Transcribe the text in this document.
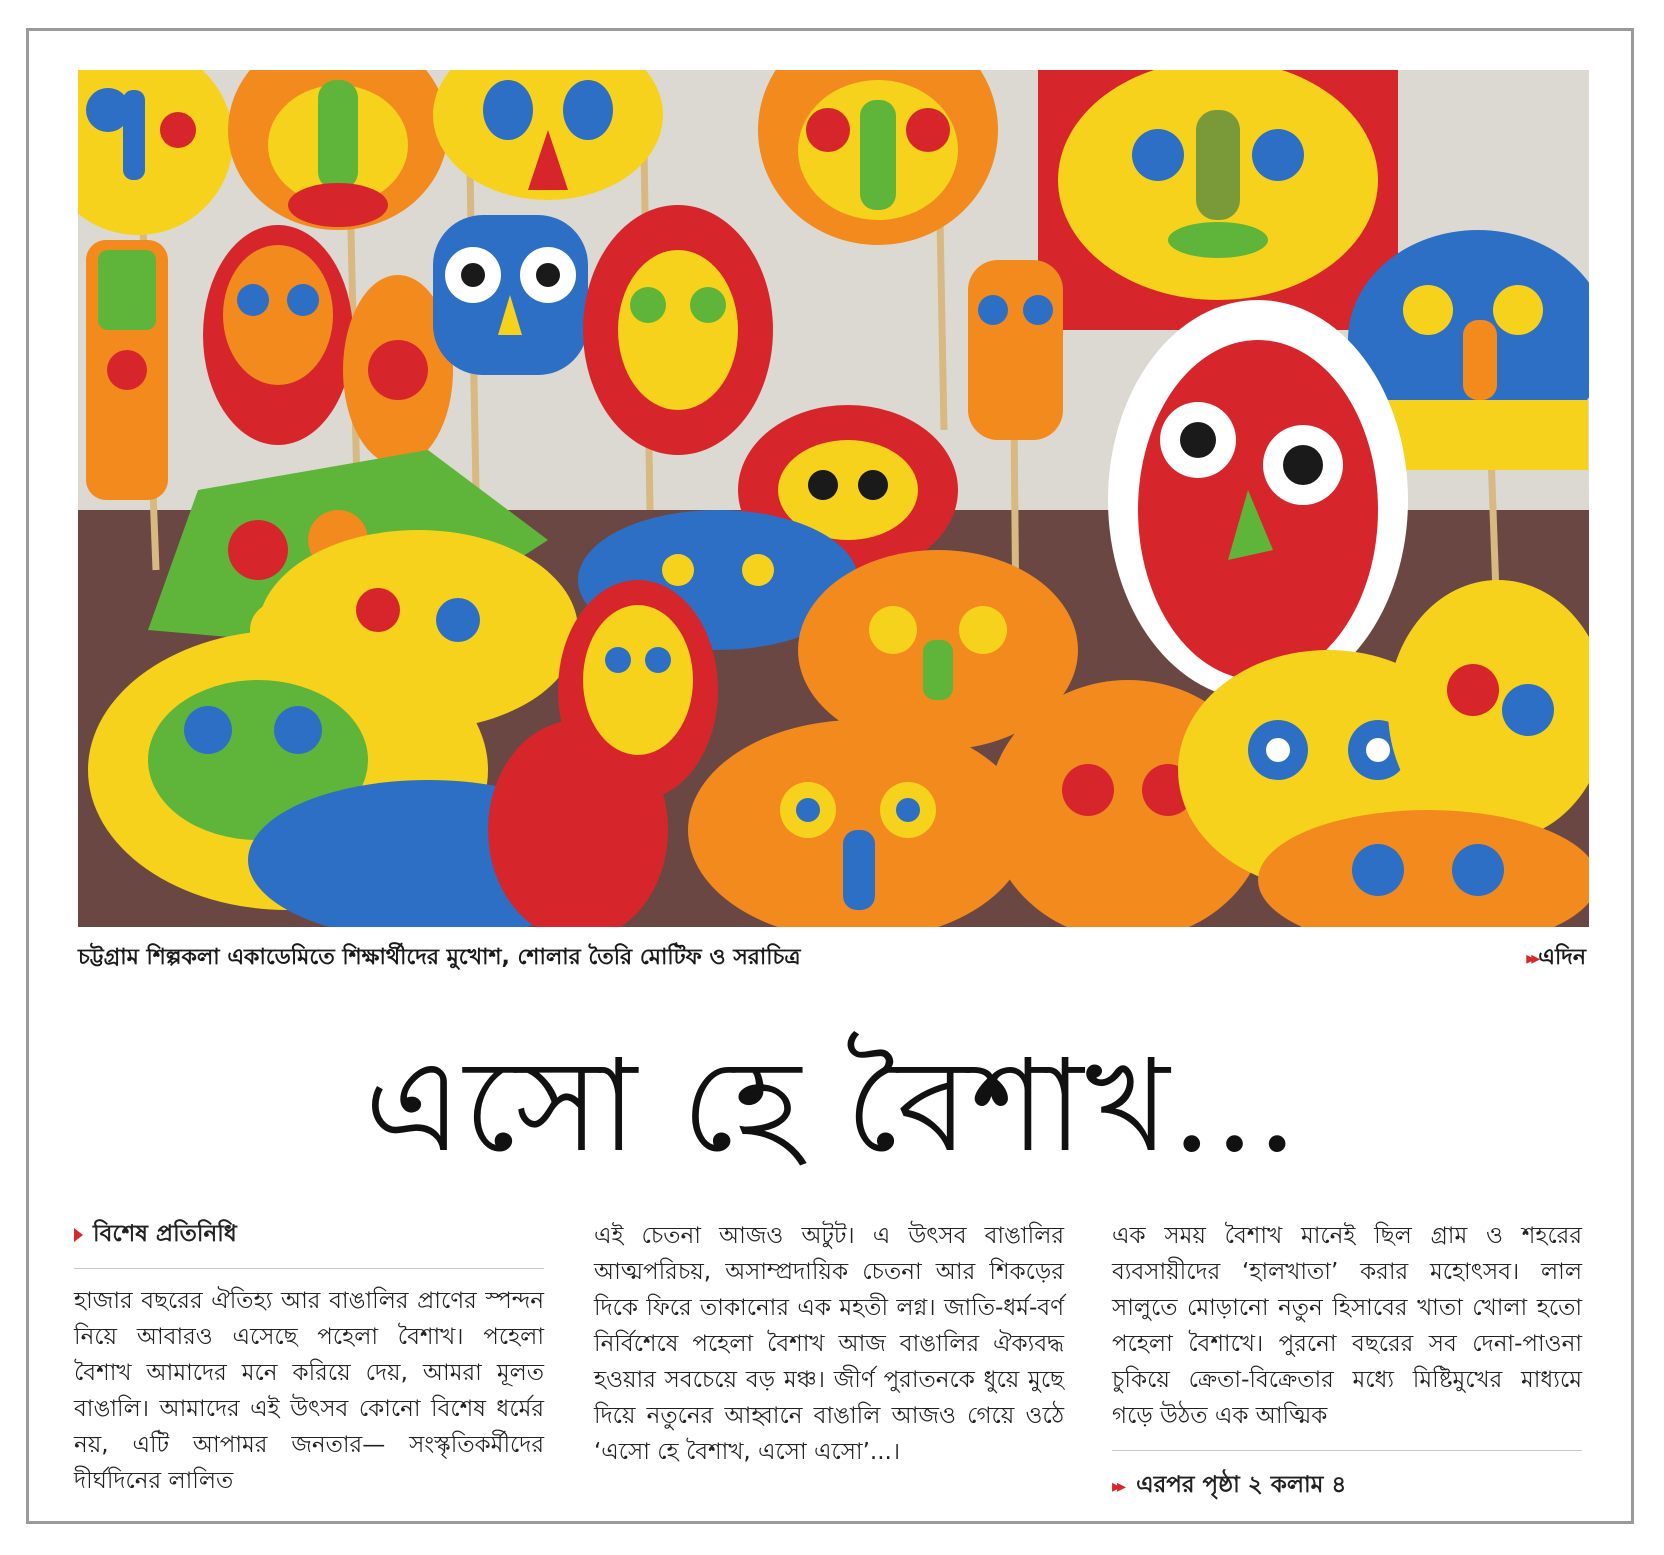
চট্টগ্রাম শিল্পকলা একাডেমিতে শিক্ষার্থীদের মুখোশ, শোলার তৈরি মোটিফ ও সরাচিত্র	▸▸এদিন
এসো হে বৈশাখ...
বিশেষ প্রতিনিধি

হাজার বছরের ঐতিহ্য আর বাঙালির প্রাণের স্পন্দন নিয়ে আবারও এসেছে পহেলা বৈশাখ। পহেলা বৈশাখ আমাদের মনে করিয়ে দেয়, আমরা মূলত বাঙালি। আমাদের এই উৎসব কোনো বিশেষ ধর্মের নয়, এটি আপামর জনতার— সংস্কৃতিকর্মীদের দীর্ঘদিনের লালিত

এই চেতনা আজও অটুট। এ উৎসব বাঙালির আত্মপরিচয়, অসাম্প্রদায়িক চেতনা আর শিকড়ের দিকে ফিরে তাকানোর এক মহতী লগ্ন। জাতি-ধর্ম-বর্ণ নির্বিশেষে পহেলা বৈশাখ আজ বাঙালির ঐক্যবদ্ধ হওয়ার সবচেয়ে বড় মঞ্চ। জীর্ণ পুরাতনকে ধুয়ে মুছে দিয়ে নতুনের আহ্বানে বাঙালি আজও গেয়ে ওঠে ‘এসো হে বৈশাখ, এসো এসো’...।

এক সময় বৈশাখ মানেই ছিল গ্রাম ও শহরের ব্যবসায়ীদের ‘হালখাতা’ করার মহোৎসব। লাল সালুতে মোড়ানো নতুন হিসাবের খাতা খোলা হতো পহেলা বৈশাখে। পুরনো বছরের সব দেনা-পাওনা চুকিয়ে ক্রেতা-বিক্রেতার মধ্যে মিষ্টিমুখের মাধ্যমে গড়ে উঠত এক আত্মিক

▸▸ এরপর পৃষ্ঠা ২ কলাম ৪
